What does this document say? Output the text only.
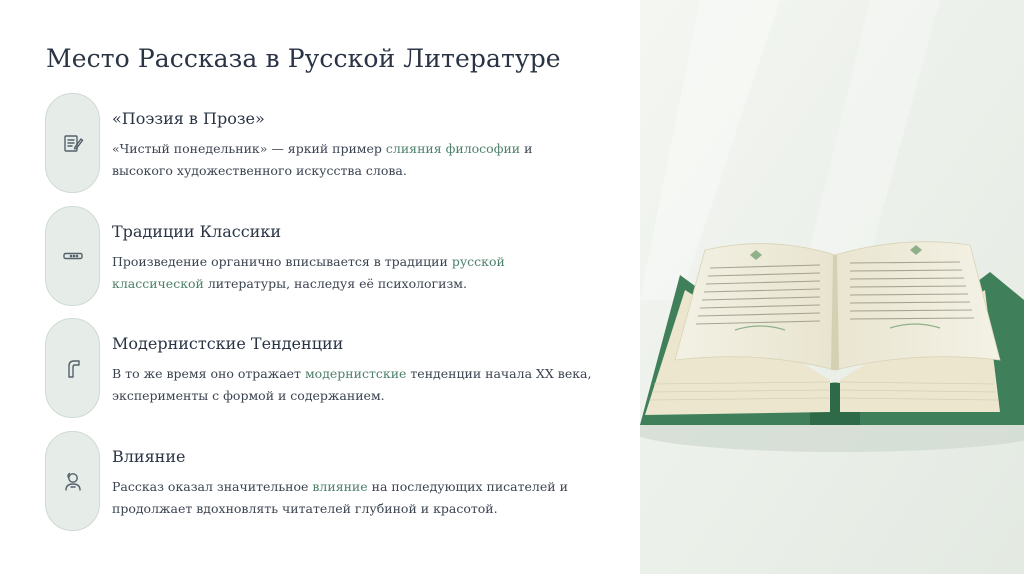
Место Рассказа в Русской Литературе
«Поэзия в Прозе»
«Чистый понедельник» — яркий пример слияния философии и высокого художественного искусства слова.
Традиции Классики
Произведение органично вписывается в традиции русской классической литературы, наследуя её психологизм.
Модернистские Тенденции
В то же время оно отражает модернистские тенденции начала XX века, эксперименты с формой и содержанием.
Влияние
Рассказ оказал значительное влияние на последующих писателей и продолжает вдохновлять читателей глубиной и красотой.
